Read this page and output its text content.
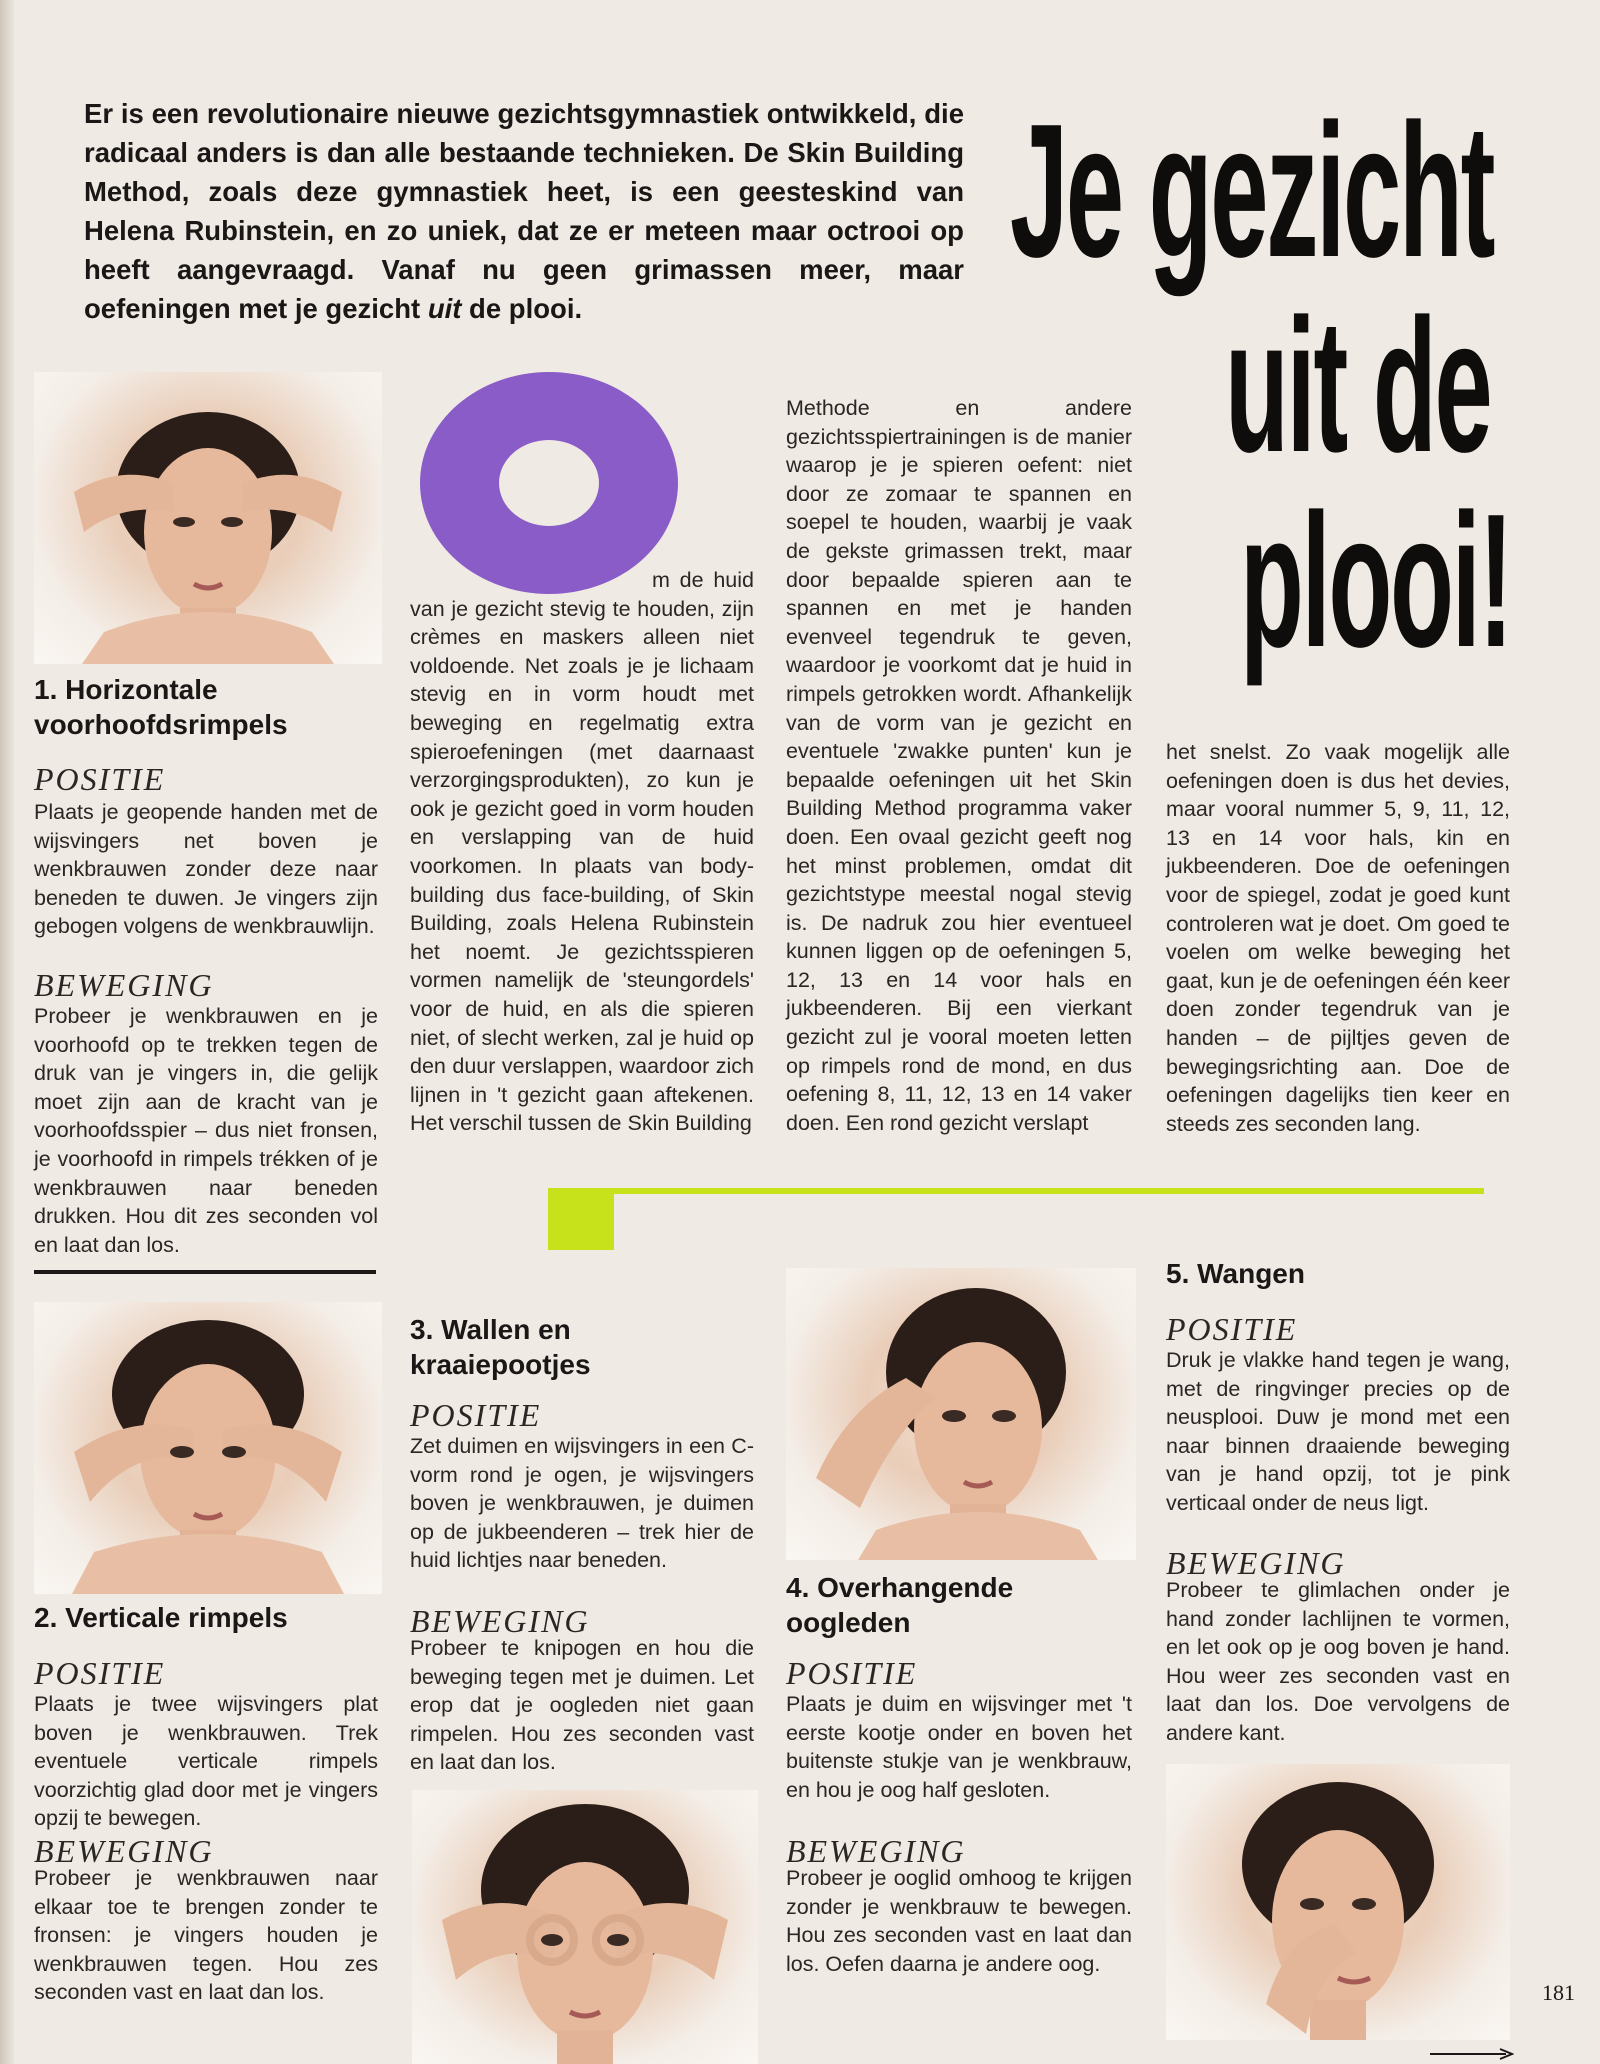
Er is een revolutionaire nieuwe gezichtsgymnastiek ontwikkeld, die radicaal anders is dan alle bestaande technieken. De Skin Building Method, zoals deze gymnastiek heet, is een geesteskind van Helena Rubinstein, en zo uniek, dat ze er meteen maar octrooi op heeft aangevraagd. Vanaf nu geen grimassen meer, maar oefeningen met je gezicht uit de plooi.

Je gezicht
uit de
plooi!
1. Horizontale voorhoofdsrimpels
POSITIE

Plaats je geopende handen met de wijsvingers net boven je wenkbrauwen zonder deze naar beneden te duwen. Je vingers zijn gebogen volgens de wenkbrauwlijn.

BEWEGING

Probeer je wenkbrauwen en je voorhoofd op te trekken tegen de druk van je vingers in, die gelijk moet zijn aan de kracht van je voorhoofdsspier – dus niet fronsen, je voorhoofd in rimpels trékken of je wenkbrauwen naar beneden drukken. Hou dit zes seconden vol en laat dan los.

m de huid van je gezicht stevig te houden, zijn crèmes en maskers alleen niet voldoende. Net zoals je je lichaam stevig en in vorm houdt met beweging en regelmatig extra spieroefeningen (met daarnaast verzorgingsprodukten), zo kun je ook je gezicht goed in vorm houden en verslapping van de huid voorkomen. In plaats van body-building dus face-building, of Skin Building, zoals Helena Rubinstein het noemt. Je gezichtsspieren vormen namelijk de 'steungordels' voor de huid, en als die spieren niet, of slecht werken, zal je huid op den duur verslappen, waardoor zich lijnen in 't gezicht gaan aftekenen. Het verschil tussen de Skin Building

Methode en andere gezichtsspiertrainingen is de manier waarop je je spieren oefent: niet door ze zomaar te spannen en soepel te houden, waarbij je vaak de gekste grimassen trekt, maar door bepaalde spieren aan te spannen en met je handen evenveel tegendruk te geven, waardoor je voorkomt dat je huid in rimpels getrokken wordt. Afhankelijk van de vorm van je gezicht en eventuele 'zwakke punten' kun je bepaalde oefeningen uit het Skin Building Method programma vaker doen. Een ovaal gezicht geeft nog het minst problemen, omdat dit gezichtstype meestal nogal stevig is. De nadruk zou hier eventueel kunnen liggen op de oefeningen 5, 12, 13 en 14 voor hals en jukbeenderen. Bij een vierkant gezicht zul je vooral moeten letten op rimpels rond de mond, en dus oefening 8, 11, 12, 13 en 14 vaker doen. Een rond gezicht verslapt

het snelst. Zo vaak mogelijk alle oefeningen doen is dus het devies, maar vooral nummer 5, 9, 11, 12, 13 en 14 voor hals, kin en jukbeenderen. Doe de oefeningen voor de spiegel, zodat je goed kunt controleren wat je doet. Om goed te voelen om welke beweging het gaat, kun je de oefeningen één keer doen zonder tegendruk van je handen – de pijltjes geven de bewegingsrichting aan. Doe de oefeningen dagelijks tien keer en steeds zes seconden lang.

2. Verticale rimpels
POSITIE

Plaats je twee wijsvingers plat boven je wenkbrauwen. Trek eventuele verticale rimpels voorzichtig glad door met je vingers opzij te bewegen.

BEWEGING

Probeer je wenkbrauwen naar elkaar toe te brengen zonder te fronsen: je vingers houden je wenkbrauwen tegen. Hou zes seconden vast en laat dan los.

3. Wallen en kraaiepootjes
POSITIE

Zet duimen en wijsvingers in een C-vorm rond je ogen, je wijsvingers boven je wenkbrauwen, je duimen op de jukbeenderen – trek hier de huid lichtjes naar beneden.

BEWEGING

Probeer te knipogen en hou die beweging tegen met je duimen. Let erop dat je oogleden niet gaan rimpelen. Hou zes seconden vast en laat dan los.

4. Overhangende oogleden
POSITIE

Plaats je duim en wijsvinger met 't eerste kootje onder en boven het buitenste stukje van je wenkbrauw, en hou je oog half gesloten.

BEWEGING

Probeer je ooglid omhoog te krijgen zonder je wenkbrauw te bewegen. Hou zes seconden vast en laat dan los. Oefen daarna je andere oog.

5. Wangen
POSITIE

Druk je vlakke hand tegen je wang, met de ringvinger precies op de neusplooi. Duw je mond met een naar binnen draaiende beweging van je hand opzij, tot je pink verticaal onder de neus ligt.

BEWEGING

Probeer te glimlachen onder je hand zonder lachlijnen te vormen, en let ook op je oog boven je hand. Hou weer zes seconden vast en laat dan los. Doe vervolgens de andere kant.

181
